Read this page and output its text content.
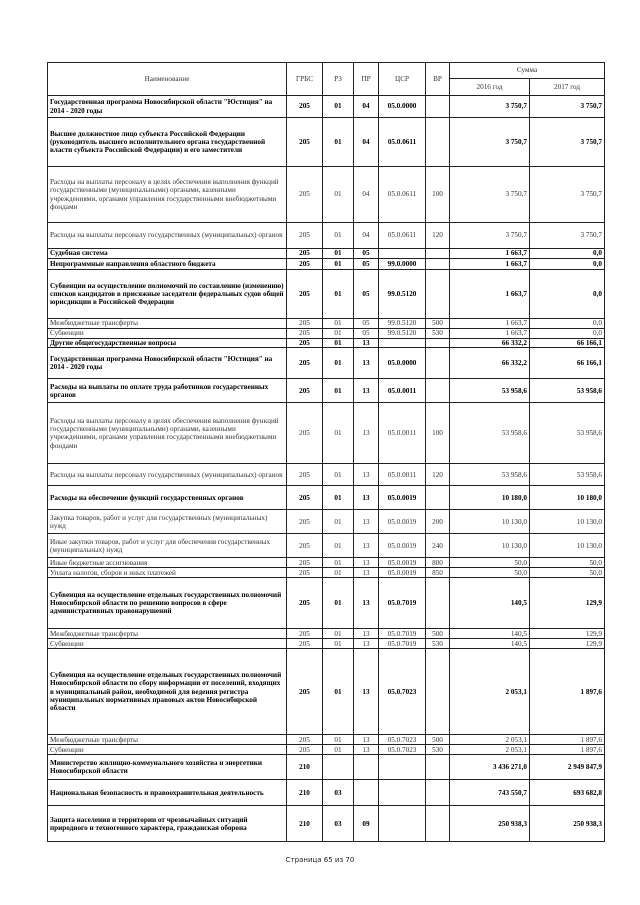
Наименование	ГРБС	РЗ	ПР	ЦСР	ВР	Сумма	
						2016 год	2017 год
Государственная программа Новосибирской области "Юстиция" на 2014 - 2020 годы	205	01	04	05.0.0000		3 750,7	3 750,7
Высшее должностное лицо субъекта Российской Федерации (руководитель высшего исполнительного органа государственной власти субъекта Российской Федерации) и его заместители	205	01	04	05.0.0611		3 750,7	3 750,7
Расходы на выплаты персоналу в целях обеспечения выполнения функций государственными (муниципальными) органами, казенными учреждениями, органами управления государственными внебюджетными фондами	205	01	04	05.0.0611	100	3 750,7	3 750,7
Расходы на выплаты персоналу государственных (муниципальных) органов	205	01	04	05.0.0611	120	3 750,7	3 750,7
Судебная система	205	01	05			1 663,7	0,0
Непрограммные направления областного бюджета	205	01	05	99.0.0000		1 663,7	0,0
Субвенции на осуществление полномочий по составлению (изменению) списков кандидатов в присяжные заседатели федеральных судов общей юрисдикции в Российской Федерации	205	01	05	99.0.5120		1 663,7	0,0
Межбюджетные трансферты	205	01	05	99.0.5120	500	1 663,7	0,0
Субвенции	205	01	05	99.0.5120	530	1 663,7	0,0
Другие общегосударственные вопросы	205	01	13			66 332,2	66 166,1
Государственная программа Новосибирской области "Юстиция" на 2014 - 2020 годы	205	01	13	05.0.0000		66 332,2	66 166,1
Расходы на выплаты по оплате труда работников государственных органов	205	01	13	05.0.0011		53 958,6	53 958,6
Расходы на выплаты персоналу в целях обеспечения выполнения функций государственными (муниципальными) органами, казенными учреждениями, органами управления государственными внебюджетными фондами	205	01	13	05.0.0011	100	53 958,6	53 958,6
Расходы на выплаты персоналу государственных (муниципальных) органов	205	01	13	05.0.0011	120	53 958,6	53 958,6
Расходы на обеспечение функций государственных органов	205	01	13	05.0.0019		10 180,0	10 180,0
Закупка товаров, работ и услуг для государственных (муниципальных) нужд	205	01	13	05.0.0019	200	10 130,0	10 130,0
Иные закупки товаров, работ и услуг для обеспечения государственных (муниципальных) нужд	205	01	13	05.0.0019	240	10 130,0	10 130,0
Иные бюджетные ассигнования	205	01	13	05.0.0019	800	50,0	50,0
Уплата налогов, сборов и иных платежей	205	01	13	05.0.0019	850	50,0	50,0
Субвенция на осуществление отдельных государственных полномочий Новосибирской области по решению вопросов в сфере административных правонарушений	205	01	13	05.0.7019		140,5	129,9
Межбюджетные трансферты	205	01	13	05.0.7019	500	140,5	129,9
Субвенции	205	01	13	05.0.7019	530	140,5	129,9
Субвенция на осуществление отдельных государственных полномочий Новосибирской области по сбору информации от поселений, входящих в муниципальный район, необходимой для ведения регистра муниципальных нормативных правовых актов Новосибирской области	205	01	13	05.0.7023		2 053,1	1 897,6
Межбюджетные трансферты	205	01	13	05.0.7023	500	2 053,1	1 897,6
Субвенции	205	01	13	05.0.7023	530	2 053,1	1 897,6
Министерство жилищно-коммунального хозяйства и энергетики Новосибирской области	210					3 436 271,0	2 949 847,9
Национальная безопасность и правоохранительная деятельность	210	03				743 550,7	693 682,8
Защита населения и территории от чрезвычайных ситуаций природного и техногенного характера, гражданская оборона	210	03	09			250 938,3	250 938,3
Страница 65 из 70
